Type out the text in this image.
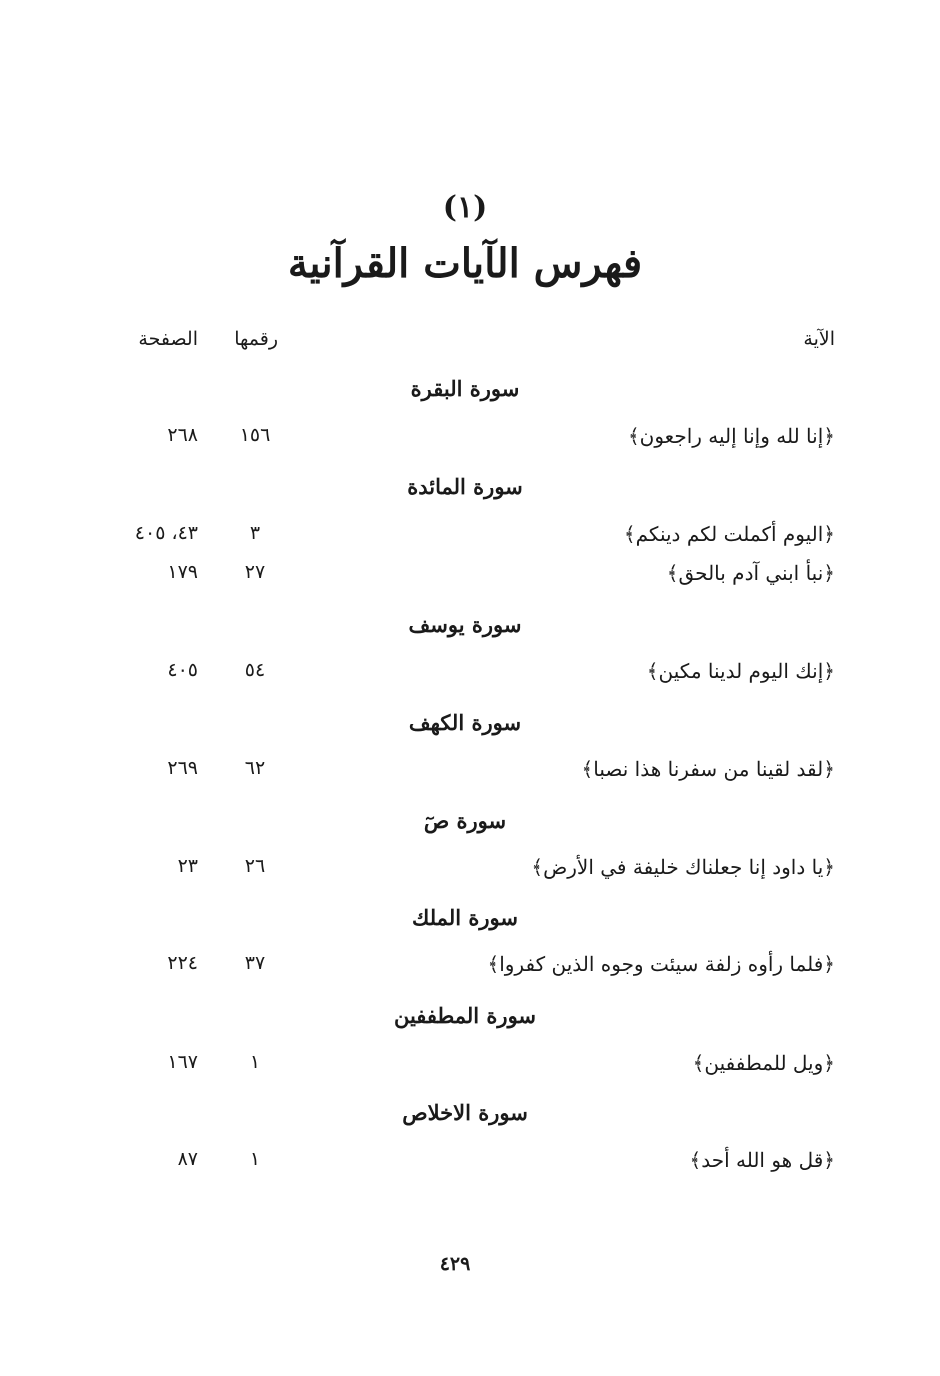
(١)
فهرس الآيات القرآنية
الآية
رقمها
الصفحة
سورة البقرة
﴿إنا لله وإنا إليه راجعون﴾
١٥٦
٢٦٨
سورة المائدة
﴿اليوم أكملت لكم دينكم﴾
٣
٤٣، ٤٠٥
﴿نبأ ابني آدم بالحق﴾
٢٧
١٧٩
سورة يوسف
﴿إنك اليوم لدينا مكين﴾
٥٤
٤٠٥
سورة الكهف
﴿لقد لقينا من سفرنا هذا نصبا﴾
٦٢
٢٦٩
سورة صٓ
﴿يا داود إنا جعلناك خليفة في الأرض﴾
٢٦
٢٣
سورة الملك
﴿فلما رأوه زلفة سيئت وجوه الذين كفروا﴾
٣٧
٢٢٤
سورة المطففين
﴿ويل للمطففين﴾
١
١٦٧
سورة الاخلاص
﴿قل هو الله أحد﴾
١
٨٧
٤٢٩
